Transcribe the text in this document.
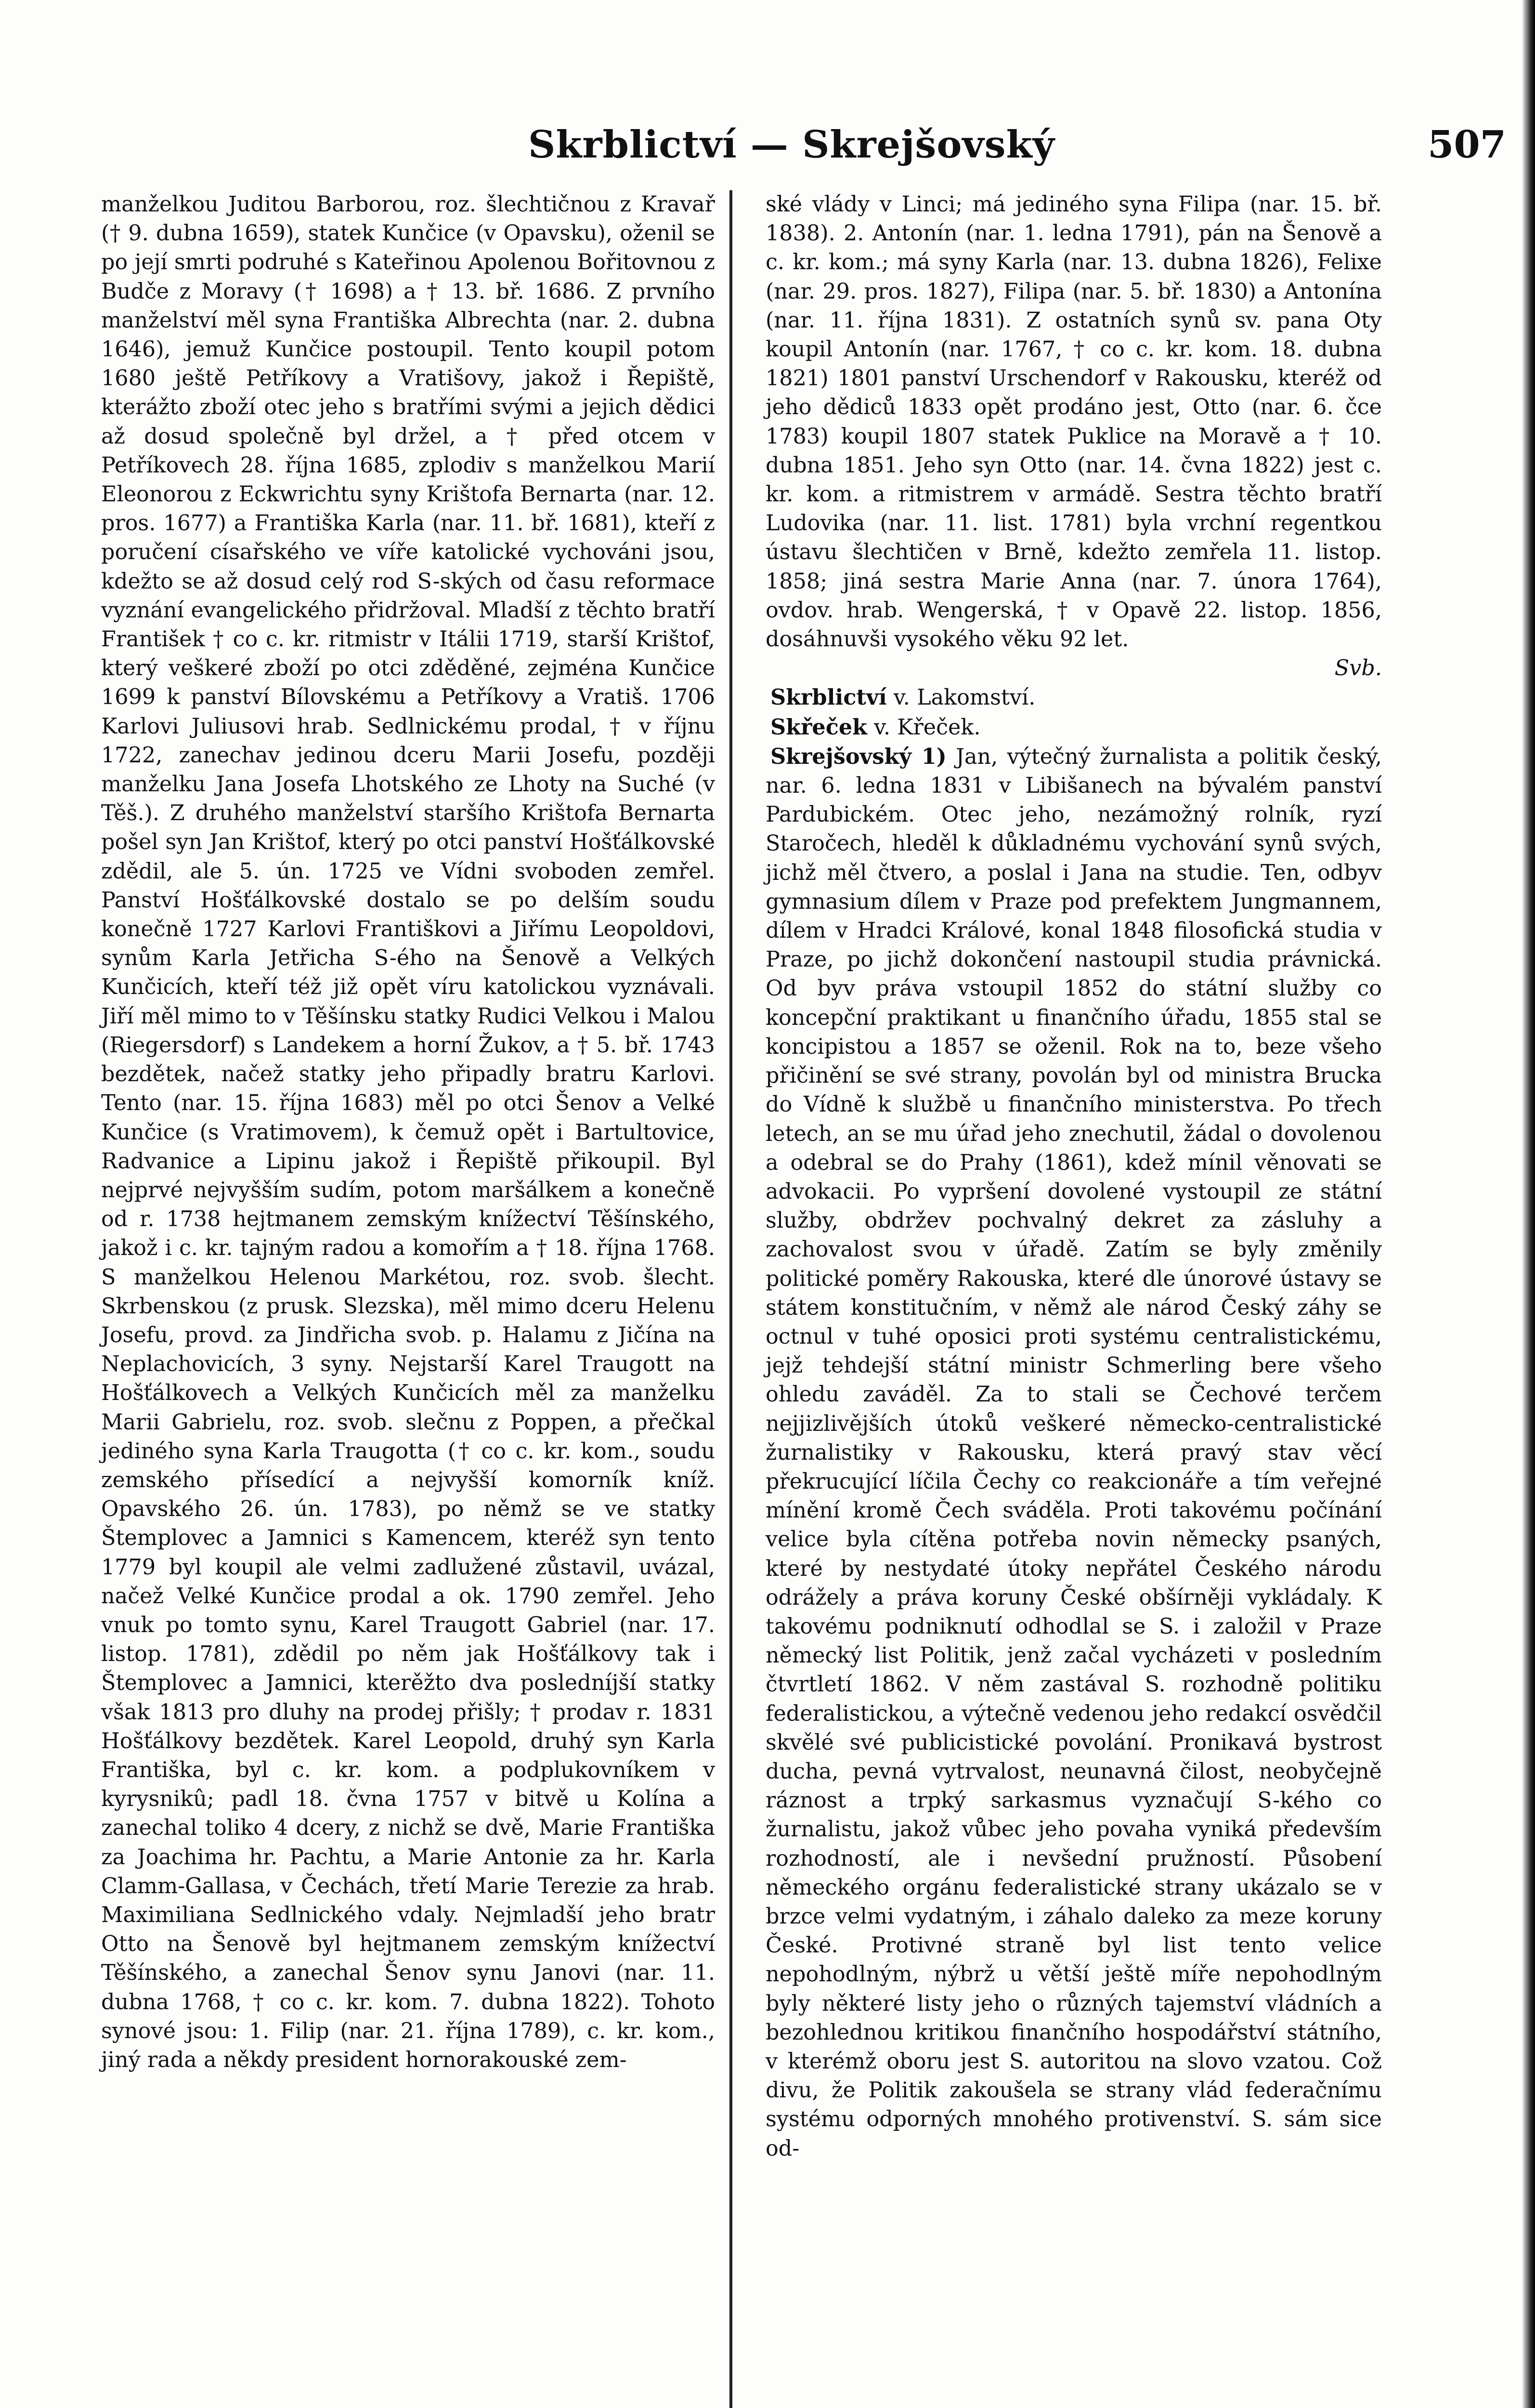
Skrblictví — Skrejšovský	507

manželkou Juditou Barborou, roz. šlechtičnou z Kravař († 9. dubna 1659), statek Kunčice (v Opavsku), oženil se po její smrti podruhé s Kateřinou Apolenou Bořitovnou z Budče z Moravy († 1698) a † 13. bř. 1686. Z prvního manželství měl syna Františka Albrechta (nar. 2. dubna 1646), jemuž Kunčice postoupil. Tento koupil potom 1680 ještě Petříkovy a Vratišovy, jakož i Řepiště, kterážto zboží otec jeho s bratřími svými a jejich dědici až dosud společně byl držel, a † před otcem v Petříkovech 28. října 1685, zplodiv s manželkou Marií Eleonorou z Eckwrichtu syny Krištofa Bernarta (nar. 12. pros. 1677) a Františka Karla (nar. 11. bř. 1681), kteří z poručení císařského ve víře katolické vychováni jsou, kdežto se až dosud celý rod S-ských od času reformace vyznání evangelického přidržoval. Mladší z těchto bratří František † co c. kr. ritmistr v Itálii 1719, starší Krištof, který veškeré zboží po otci zděděné, zejména Kunčice 1699 k panství Bílovskému a Petříkovy a Vratiš. 1706 Karlovi Juliusovi hrab. Sedlnickému prodal, † v říjnu 1722, zanechav jedinou dceru Marii Josefu, později manželku Jana Josefa Lhotského ze Lhoty na Suché (v Těš.). Z druhého manželství staršího Krištofa Bernarta pošel syn Jan Krištof, který po otci panství Hošťálkovské zdědil, ale 5. ún. 1725 ve Vídni svoboden zemřel. Panství Hošťálkovské dostalo se po delším soudu konečně 1727 Karlovi Františkovi a Jiřímu Leopoldovi, synům Karla Jetřicha S-ého na Šenově a Velkých Kunčicích, kteří též již opět víru katolickou vyznávali. Jiří měl mimo to v Těšínsku statky Rudici Velkou i Malou (Riegersdorf) s Landekem a horní Žukov, a † 5. bř. 1743 bezdětek, načež statky jeho připadly bratru Karlovi. Tento (nar. 15. října 1683) měl po otci Šenov a Velké Kunčice (s Vratimovem), k čemuž opět i Bartultovice, Radvanice a Lipinu jakož i Řepiště přikoupil. Byl nejprvé nejvyšším sudím, potom maršálkem a konečně od r. 1738 hejtmanem zemským knížectví Těšínského, jakož i c. kr. tajným radou a komořím a † 18. října 1768. S manželkou Helenou Markétou, roz. svob. šlecht. Skrbenskou (z prusk. Slezska), měl mimo dceru Helenu Josefu, provd. za Jindřicha svob. p. Halamu z Jičína na Neplachovicích, 3 syny. Nejstarší Karel Traugott na Hošťálkovech a Velkých Kunčicích měl za manželku Marii Gabrielu, roz. svob. slečnu z Poppen, a přečkal jediného syna Karla Traugotta († co c. kr. kom., soudu zemského přísedící a nejvyšší komorník kníž. Opavského 26. ún. 1783), po němž se ve statky Štemplovec a Jamnici s Kamencem, kteréž syn tento 1779 byl koupil ale velmi zadlužené zůstavil, uvázal, načež Velké Kunčice prodal a ok. 1790 zemřel. Jeho vnuk po tomto synu, Karel Traugott Gabriel (nar. 17. listop. 1781), zdědil po něm jak Hošťálkovy tak i Štemplovec a Jamnici, kterěžto dva posledníjší statky však 1813 pro dluhy na prodej přišly; † prodav r. 1831 Hošťálkovy bezdětek. Karel Leopold, druhý syn Karla Františka, byl c. kr. kom. a podplukovníkem v kyrysnikû; padl 18. čvna 1757 v bitvě u Kolína a zanechal toliko 4 dcery, z nichž se dvě, Marie Františka za Joachima hr. Pachtu, a Marie Antonie za hr. Karla Clamm-Gallasa, v Čechách, třetí Marie Terezie za hrab. Maximiliana Sedlnického vdaly. Nejmladší jeho bratr Otto na Šenově byl hejtmanem zemským knížectví Těšínského, a zanechal Šenov synu Janovi (nar. 11. dubna 1768, † co c. kr. kom. 7. dubna 1822). Tohoto synové jsou: 1. Filip (nar. 21. října 1789), c. kr. kom., jiný rada a někdy president hornorakouské zem-

ské vlády v Linci; má jediného syna Filipa (nar. 15. bř. 1838). 2. Antonín (nar. 1. ledna 1791), pán na Šenově a c. kr. kom.; má syny Karla (nar. 13. dubna 1826), Felixe (nar. 29. pros. 1827), Filipa (nar. 5. bř. 1830) a Antonína (nar. 11. října 1831). Z ostatních synů sv. pana Oty koupil Antonín (nar. 1767, † co c. kr. kom. 18. dubna 1821) 1801 panství Urschendorf v Rakousku, kteréž od jeho dědiců 1833 opět prodáno jest, Otto (nar. 6. čce 1783) koupil 1807 statek Puklice na Moravě a † 10. dubna 1851. Jeho syn Otto (nar. 14. čvna 1822) jest c. kr. kom. a ritmistrem v armádě. Sestra těchto bratří Ludovika (nar. 11. list. 1781) byla vrchní regentkou ústavu šlechtičen v Brně, kdežto zemřela 11. listop. 1858; jiná sestra Marie Anna (nar. 7. února 1764), ovdov. hrab. Wengerská, † v Opavě 22. listop. 1856, dosáhnuvši vysokého věku 92 let.

Svb.

Skrblictví v. Lakomství.

Skřeček v. Křeček.

Skrejšovský 1) Jan, výtečný žurnalista a politik český, nar. 6. ledna 1831 v Libišanech na bývalém panství Pardubickém. Otec jeho, nezámožný rolník, ryzí Staročech, hleděl k důkladnému vychování synů svých, jichž měl čtvero, a poslal i Jana na studie. Ten, odbyv gymnasium dílem v Praze pod prefektem Jungmannem, dílem v Hradci Králové, konal 1848 filosofická studia v Praze, po jichž dokončení nastoupil studia právnická. Od byv práva vstoupil 1852 do státní služby co koncepční praktikant u finančního úřadu, 1855 stal se koncipistou a 1857 se oženil. Rok na to, beze všeho přičinění se své strany, povolán byl od ministra Brucka do Vídně k službě u finančního ministerstva. Po třech letech, an se mu úřad jeho znechutil, žádal o dovolenou a odebral se do Prahy (1861), kdež mínil věnovati se advokacii. Po vypršení dovolené vystoupil ze státní služby, obdržev pochvalný dekret za zásluhy a zachovalost svou v úřadě. Zatím se byly změnily politické poměry Rakouska, které dle únorové ústavy se státem konstitučním, v němž ale národ Český záhy se octnul v tuhé oposici proti systému centralistickému, jejž tehdejší státní ministr Schmerling bere všeho ohledu zaváděl. Za to stali se Čechové terčem nejjizlivějších útoků veškeré německo-centralistické žurnalistiky v Rakousku, která pravý stav věcí překrucující líčila Čechy co reakcionáře a tím veřejné mínění kromě Čech sváděla. Proti takovému počínání velice byla cítěna potřeba novin německy psaných, které by nestydaté útoky nepřátel Českého národu odrážely a práva koruny České obšírněji vykládaly. K takovému podniknutí odhodlal se S. i založil v Praze německý list Politik, jenž začal vycházeti v posledním čtvrtletí 1862. V něm zastával S. rozhodně politiku federalistickou, a výtečně vedenou jeho redakcí osvědčil skvělé své publicistické povolání. Pronikavá bystrost ducha, pevná vytrvalost, neunavná čilost, neobyčejně ráznost a trpký sarkasmus vyznačují S-kého co žurnalistu, jakož vůbec jeho povaha vyniká především rozhodností, ale i nevšední pružností. Působení německého orgánu federalistické strany ukázalo se v brzce velmi vydatným, i záhalo daleko za meze koruny České. Protivné straně byl list tento velice nepohodlným, nýbrž u větší ještě míře nepohodlným byly některé listy jeho o různých tajemství vládních a bezohlednou kritikou finančního hospodářství státního, v kterémž oboru jest S. autoritou na slovo vzatou. Což divu, že Politik zakoušela se strany vlád federačnímu systému odporných mnohého protivenství. S. sám sice od-
